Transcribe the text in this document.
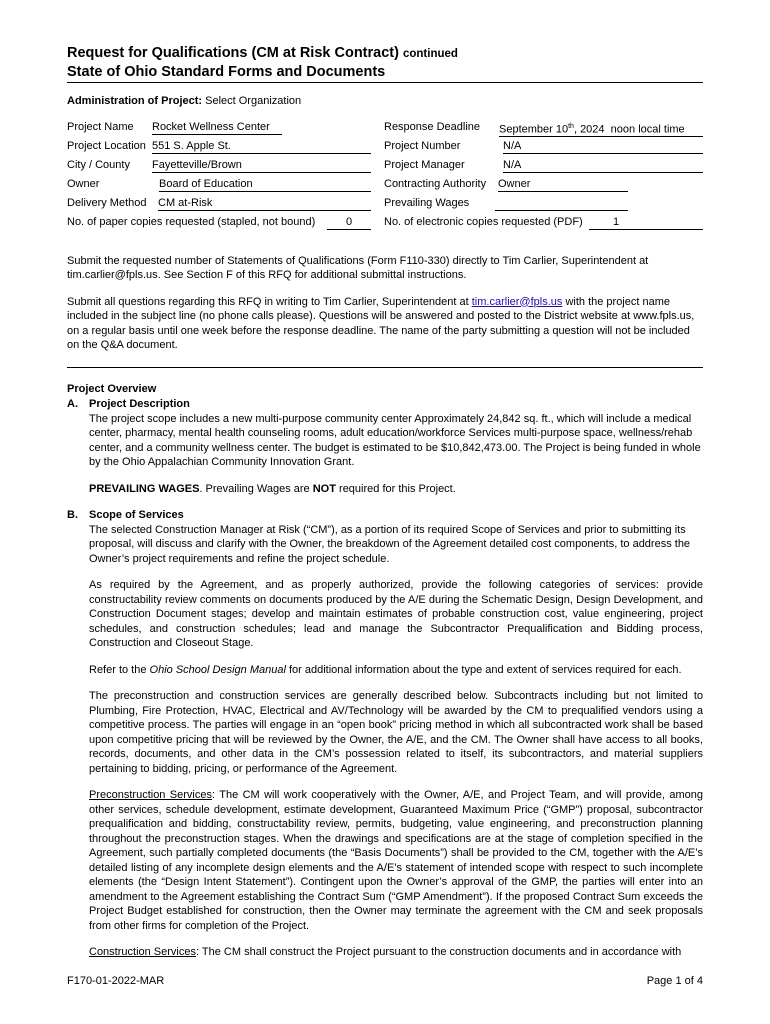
Request for Qualifications (CM at Risk Contract) continued
State of Ohio Standard Forms and Documents
Administration of Project: Select Organization
Project Name Rocket Wellness Center	Response Deadline September 10th, 2024 noon local time
Project Location 551 S. Apple St.	Project Number	N/A
City / County Fayetteville/Brown	Project Manager	N/A
Owner	Board of Education	Contracting Authority Owner
Delivery Method CM at-Risk	Prevailing Wages
No. of paper copies requested (stapled, not bound)	0	No. of electronic copies requested (PDF)	1
Submit the requested number of Statements of Qualifications (Form F110-330) directly to Tim Carlier, Superintendent at tim.carlier@fpls.us. See Section F of this RFQ for additional submittal instructions.
Submit all questions regarding this RFQ in writing to Tim Carlier, Superintendent at tim.carlier@fpls.us with the project name included in the subject line (no phone calls please). Questions will be answered and posted to the District website at www.fpls.us, on a regular basis until one week before the response deadline. The name of the party submitting a question will not be included on the Q&A document.
Project Overview
A. Project Description
The project scope includes a new multi-purpose community center Approximately 24,842 sq. ft., which will include a medical center, pharmacy, mental health counseling rooms, adult education/workforce Services multi-purpose space, wellness/rehab center, and a community wellness center. The budget is estimated to be $10,842,473.00. The Project is being funded in whole by the Ohio Appalachian Community Innovation Grant.
PREVAILING WAGES. Prevailing Wages are NOT required for this Project.
B. Scope of Services
The selected Construction Manager at Risk (“CM”), as a portion of its required Scope of Services and prior to submitting its proposal, will discuss and clarify with the Owner, the breakdown of the Agreement detailed cost components, to address the Owner’s project requirements and refine the project schedule.
As required by the Agreement, and as properly authorized, provide the following categories of services: provide constructability review comments on documents produced by the A/E during the Schematic Design, Design Development, and Construction Document stages; develop and maintain estimates of probable construction cost, value engineering, project schedules, and construction schedules; lead and manage the Subcontractor Prequalification and Bidding process, Construction and Closeout Stage.
Refer to the Ohio School Design Manual for additional information about the type and extent of services required for each.
The preconstruction and construction services are generally described below. Subcontracts including but not limited to Plumbing, Fire Protection, HVAC, Electrical and AV/Technology will be awarded by the CM to prequalified vendors using a competitive process. The parties will engage in an “open book” pricing method in which all subcontracted work shall be based upon competitive pricing that will be reviewed by the Owner, the A/E, and the CM. The Owner shall have access to all books, records, documents, and other data in the CM’s possession related to itself, its subcontractors, and material suppliers pertaining to bidding, pricing, or performance of the Agreement.
Preconstruction Services: The CM will work cooperatively with the Owner, A/E, and Project Team, and will provide, among other services, schedule development, estimate development, Guaranteed Maximum Price (“GMP”) proposal, subcontractor prequalification and bidding, constructability review, permits, budgeting, value engineering, and preconstruction planning throughout the preconstruction stages. When the drawings and specifications are at the stage of completion specified in the Agreement, such partially completed documents (the “Basis Documents”) shall be provided to the CM, together with the A/E’s detailed listing of any incomplete design elements and the A/E’s statement of intended scope with respect to such incomplete elements (the “Design Intent Statement”). Contingent upon the Owner’s approval of the GMP, the parties will enter into an amendment to the Agreement establishing the Contract Sum (“GMP Amendment”). If the proposed Contract Sum exceeds the Project Budget established for construction, then the Owner may terminate the agreement with the CM and seek proposals from other firms for completion of the Project.
Construction Services: The CM shall construct the Project pursuant to the construction documents and in accordance with
F170-01-2022-MAR	Page 1 of 4
